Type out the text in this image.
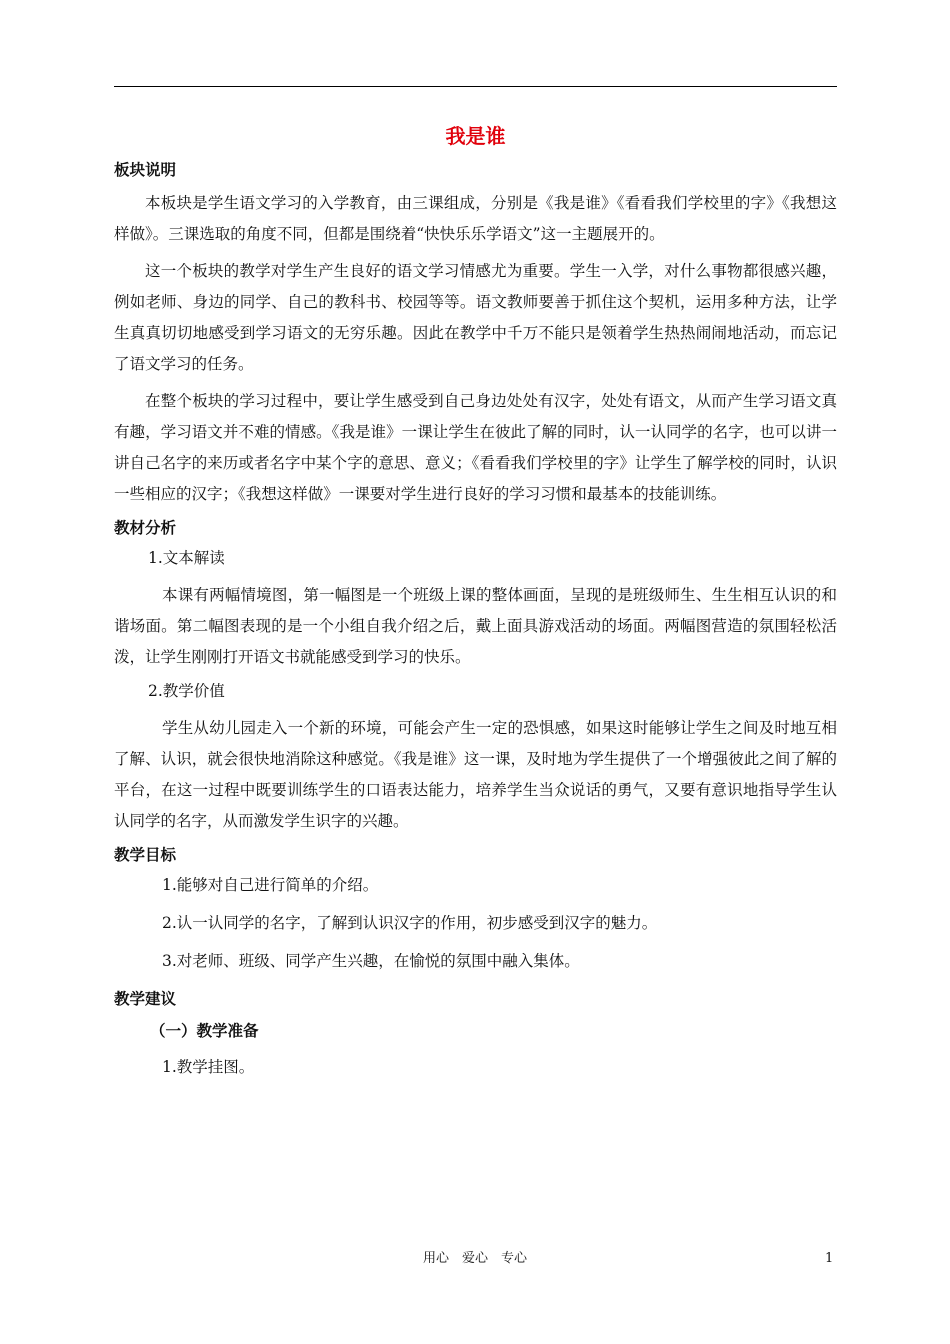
我是谁
板块说明

本板块是学生语文学习的入学教育，由三课组成，分别是《我是谁》《看看我们学校里的字》《我想这样做》。三课选取的角度不同，但都是围绕着“快快乐乐学语文”这一主题展开的。

这一个板块的教学对学生产生良好的语文学习情感尤为重要。学生一入学，对什么事物都很感兴趣，例如老师、身边的同学、自己的教科书、校园等等。语文教师要善于抓住这个契机，运用多种方法，让学生真真切切地感受到学习语文的无穷乐趣。因此在教学中千万不能只是领着学生热热闹闹地活动，而忘记了语文学习的任务。

在整个板块的学习过程中，要让学生感受到自己身边处处有汉字，处处有语文，从而产生学习语文真有趣，学习语文并不难的情感。《我是谁》一课让学生在彼此了解的同时，认一认同学的名字，也可以讲一讲自己名字的来历或者名字中某个字的意思、意义；《看看我们学校里的字》让学生了解学校的同时，认识一些相应的汉字；《我想这样做》一课要对学生进行良好的学习习惯和最基本的技能训练。

教材分析
1.文本解读

本课有两幅情境图，第一幅图是一个班级上课的整体画面，呈现的是班级师生、生生相互认识的和谐场面。第二幅图表现的是一个小组自我介绍之后，戴上面具游戏活动的场面。两幅图营造的氛围轻松活泼，让学生刚刚打开语文书就能感受到学习的快乐。

2.教学价值

学生从幼儿园走入一个新的环境，可能会产生一定的恐惧感，如果这时能够让学生之间及时地互相了解、认识，就会很快地消除这种感觉。《我是谁》这一课，及时地为学生提供了一个增强彼此之间了解的平台，在这一过程中既要训练学生的口语表达能力，培养学生当众说话的勇气，又要有意识地指导学生认认同学的名字，从而激发学生识字的兴趣。

教学目标
1.能够对自己进行简单的介绍。
2.认一认同学的名字，了解到认识汉字的作用，初步感受到汉字的魅力。
3.对老师、班级、同学产生兴趣，在愉悦的氛围中融入集体。
教学建议
（一）教学准备
1.教学挂图。
用心　爱心　专心	1
